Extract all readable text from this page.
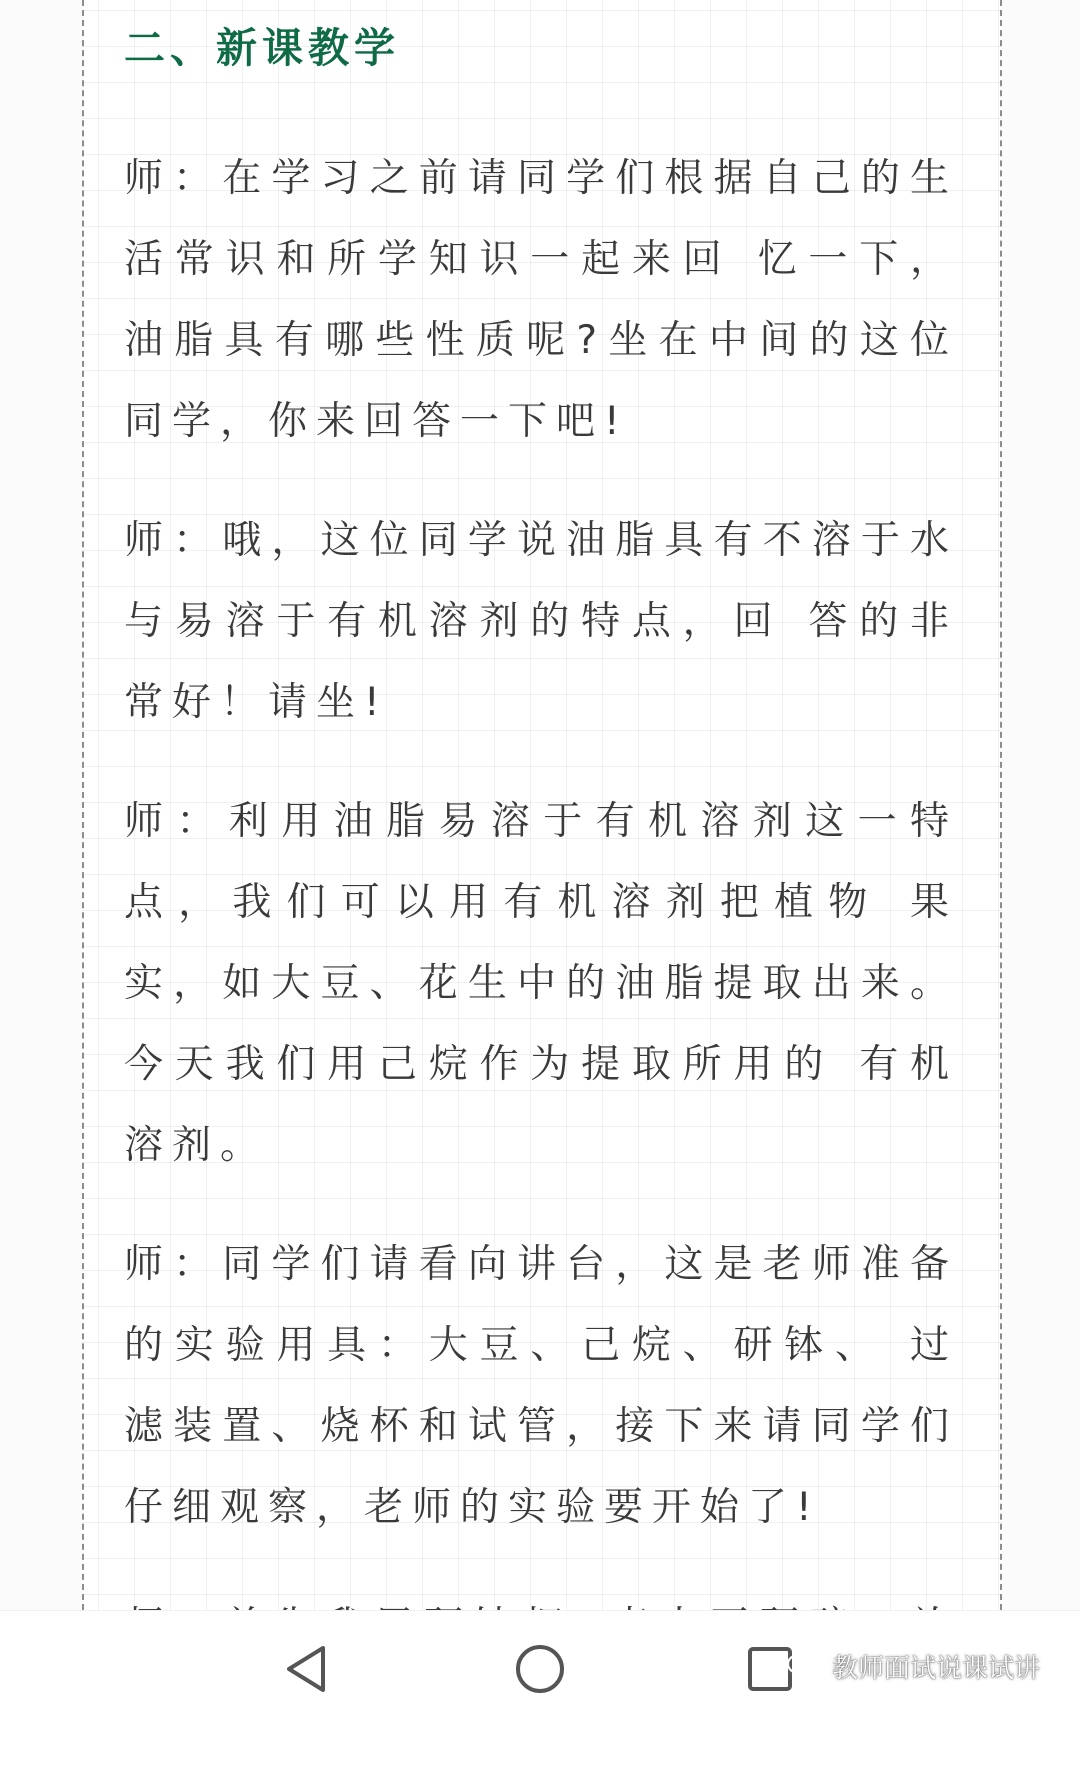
二、新课教学

师：在学习之前请同学们根据自己的生活常识和所学知识一起来回 忆一下，油脂具有哪些性质呢?坐在中间的这位同学，你来回答一下吧!

师：哦，这位同学说油脂具有不溶于水与易溶于有机溶剂的特点，回 答的非常好！请坐!

师：利用油脂易溶于有机溶剂这一特点，我们可以用有机溶剂把植物 果实，如大豆、花生中的油脂提取出来。今天我们用己烷作为提取所用的 有机溶剂。

师：同学们请看向讲台，这是老师准备的实验用具：大豆、己烷、研钵、 过滤装置、烧杯和试管，接下来请同学们仔细观察，老师的实验要开始了!

教师面试说课试讲
